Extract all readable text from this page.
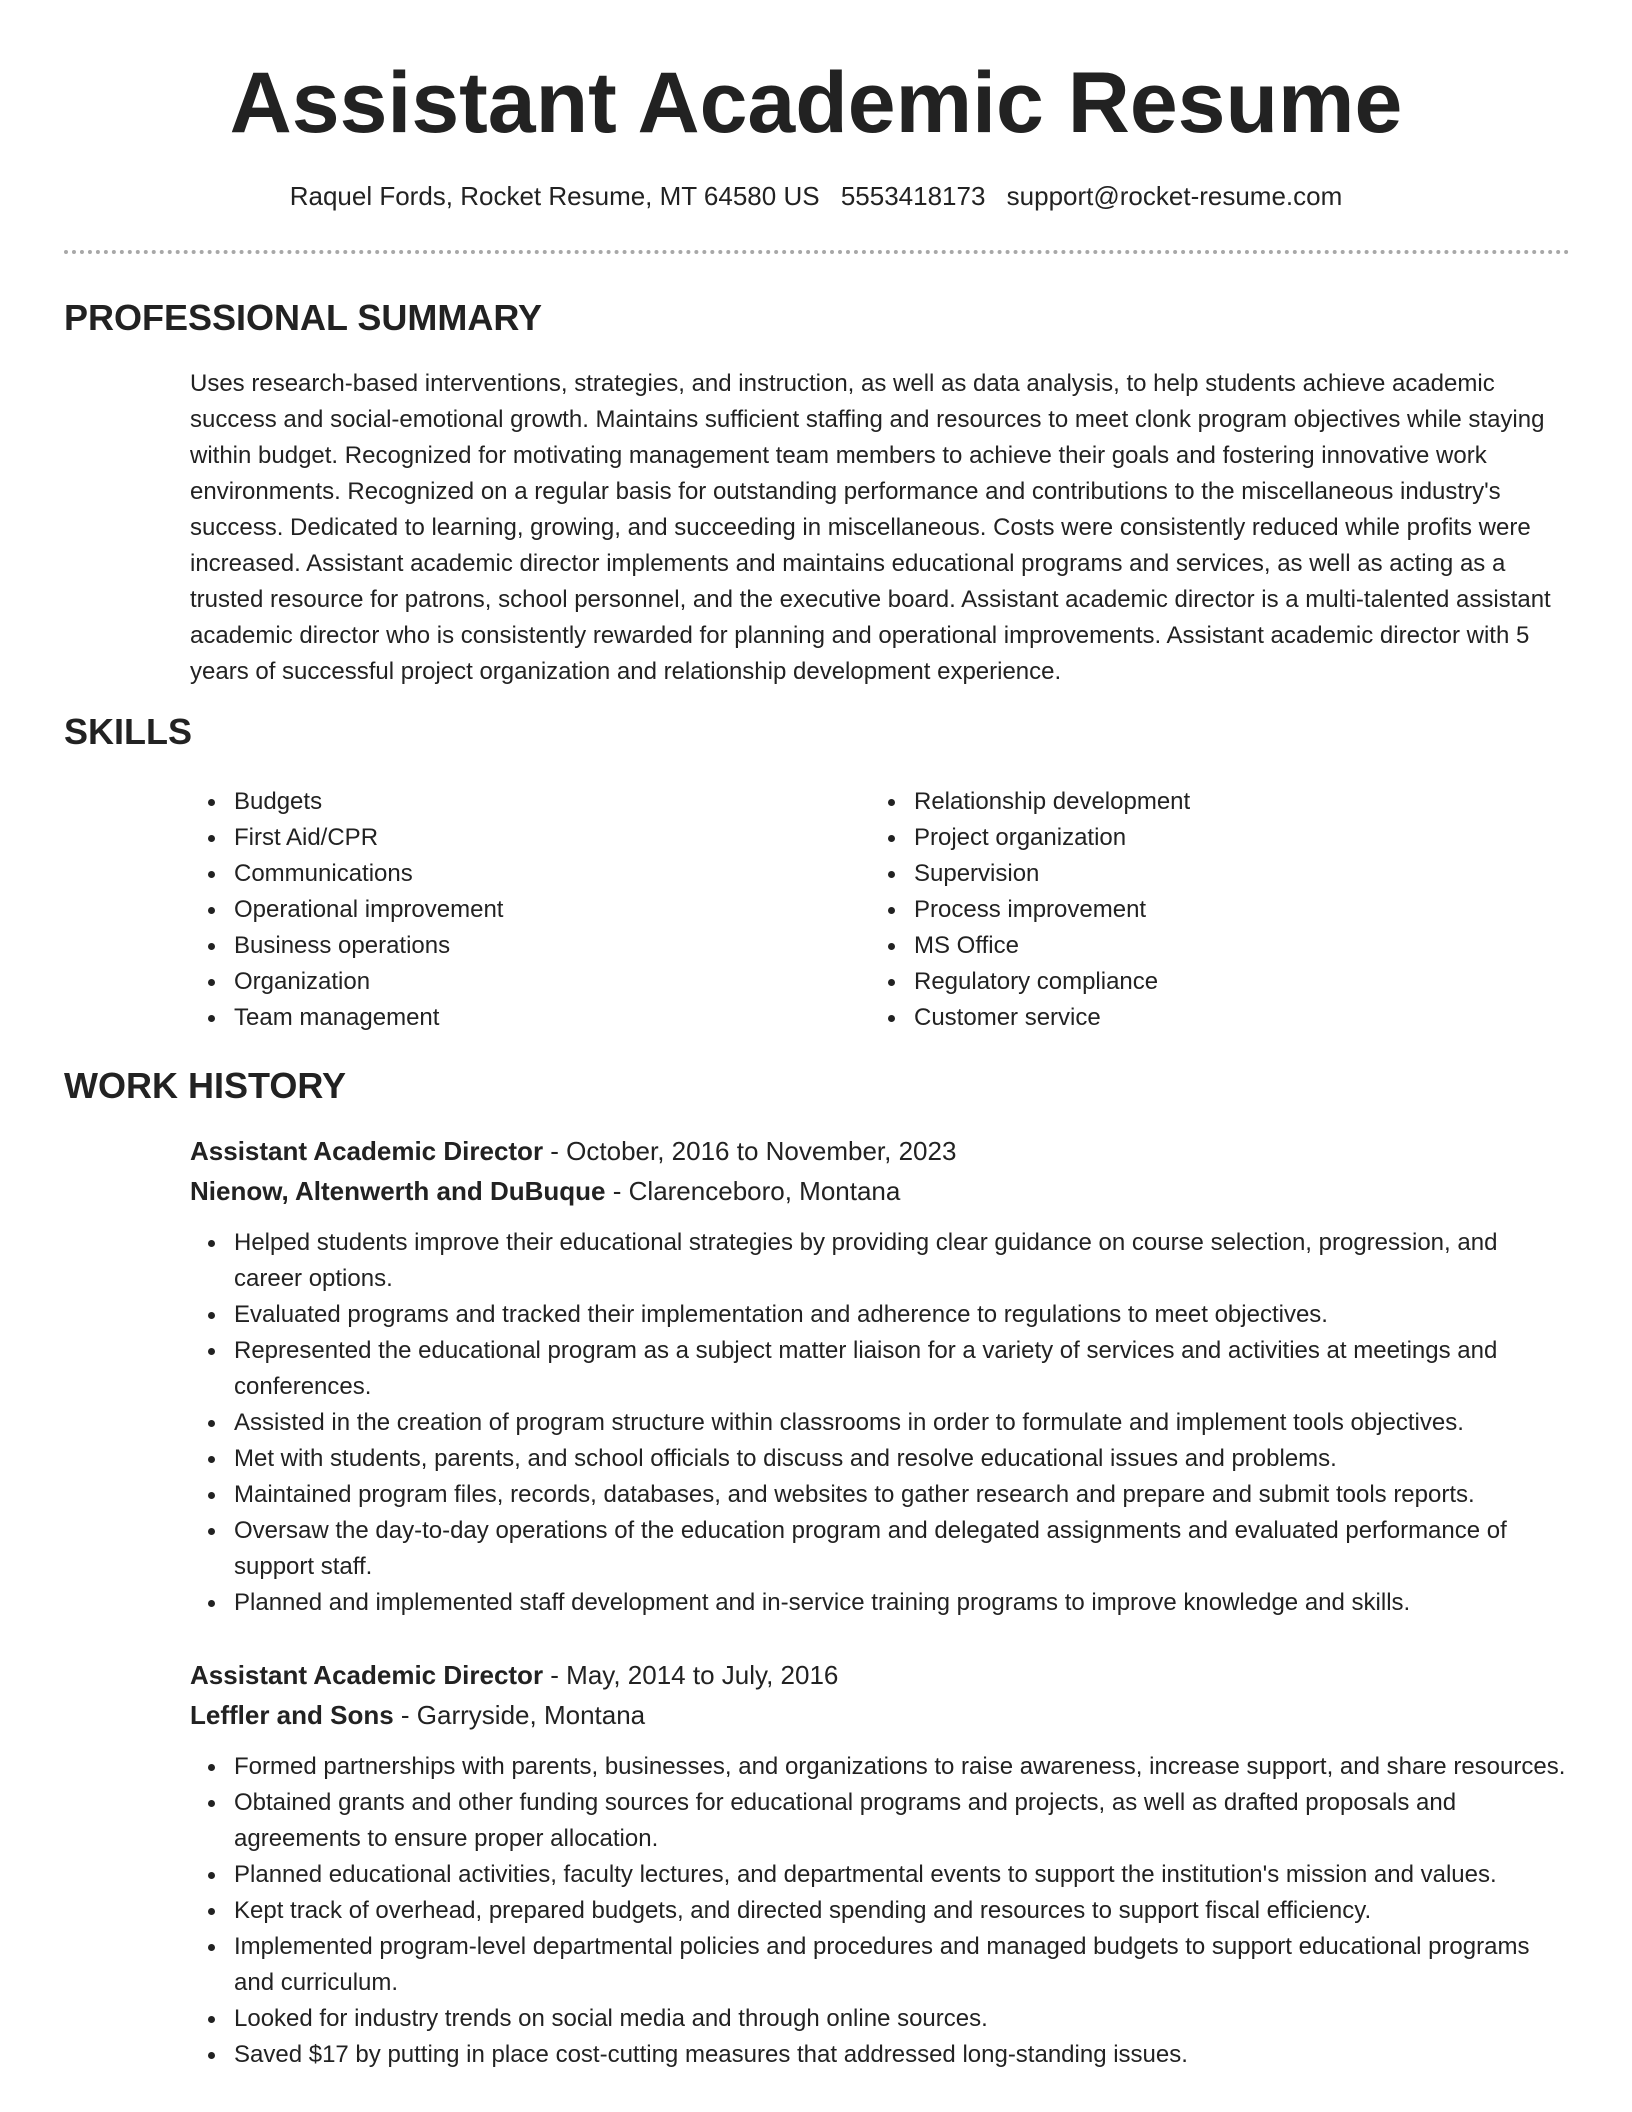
Assistant Academic Resume
Raquel Fords, Rocket Resume, MT 64580 US 5553418173 support@rocket-resume.com
PROFESSIONAL SUMMARY

Uses research-based interventions, strategies, and instruction, as well as data analysis, to help students achieve academic success and social-emotional growth. Maintains sufficient staffing and resources to meet clonk program objectives while staying within budget. Recognized for motivating management team members to achieve their goals and fostering innovative work environments. Recognized on a regular basis for outstanding performance and contributions to the miscellaneous industry's success. Dedicated to learning, growing, and succeeding in miscellaneous. Costs were consistently reduced while profits were increased. Assistant academic director implements and maintains educational programs and services, as well as acting as a trusted resource for patrons, school personnel, and the executive board. Assistant academic director is a multi-talented assistant academic director who is consistently rewarded for planning and operational improvements. Assistant academic director with 5 years of successful project organization and relationship development experience.

SKILLS
Budgets
First Aid/CPR
Communications
Operational improvement
Business operations
Organization
Team management
Relationship development
Project organization
Supervision
Process improvement
MS Office
Regulatory compliance
Customer service
WORK HISTORY
Assistant Academic Director - October, 2016 to November, 2023
Nienow, Altenwerth and DuBuque - Clarenceboro, Montana
Helped students improve their educational strategies by providing clear guidance on course selection, progression, and career options.
Evaluated programs and tracked their implementation and adherence to regulations to meet objectives.
Represented the educational program as a subject matter liaison for a variety of services and activities at meetings and conferences.
Assisted in the creation of program structure within classrooms in order to formulate and implement tools objectives.
Met with students, parents, and school officials to discuss and resolve educational issues and problems.
Maintained program files, records, databases, and websites to gather research and prepare and submit tools reports.
Oversaw the day-to-day operations of the education program and delegated assignments and evaluated performance of support staff.
Planned and implemented staff development and in-service training programs to improve knowledge and skills.
Assistant Academic Director - May, 2014 to July, 2016
Leffler and Sons - Garryside, Montana
Formed partnerships with parents, businesses, and organizations to raise awareness, increase support, and share resources.
Obtained grants and other funding sources for educational programs and projects, as well as drafted proposals and agreements to ensure proper allocation.
Planned educational activities, faculty lectures, and departmental events to support the institution's mission and values.
Kept track of overhead, prepared budgets, and directed spending and resources to support fiscal efficiency.
Implemented program-level departmental policies and procedures and managed budgets to support educational programs and curriculum.
Looked for industry trends on social media and through online sources.
Saved $17 by putting in place cost-cutting measures that addressed long-standing issues.
